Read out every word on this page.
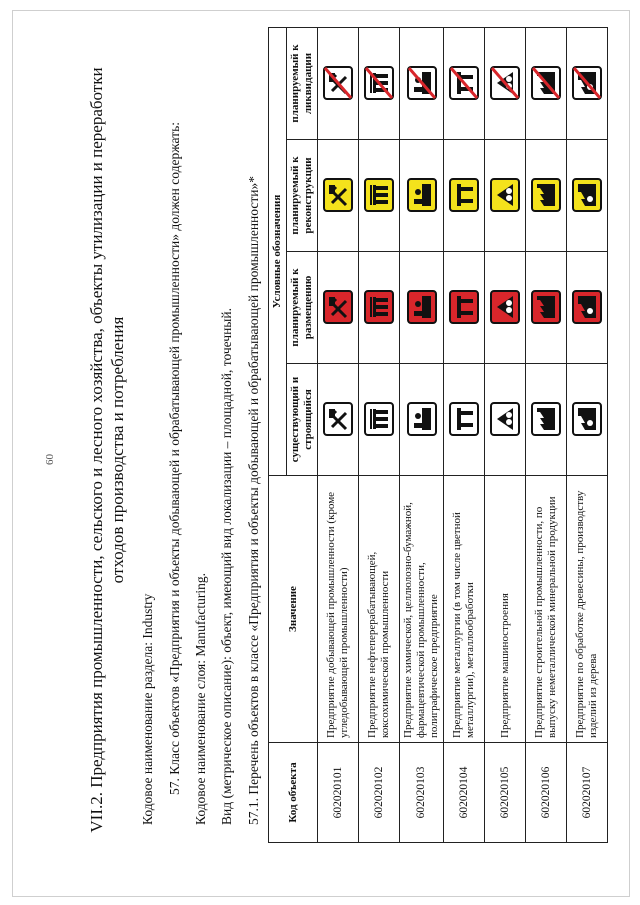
60 VII.2. Предприятия промышленности, сельского и лесного хозяйства, объекты утилизации и переработки отходов производства и потребления
Кодовое наименование раздела: Industry 57. Класс объектов «Предприятия и объекты добывающей и обрабатывающей промышленности» должен содержать: Кодовое наименование слоя: Manufacturing. Вид (метрическое описание): объект, имеющий вид локализации – площадной, точечный. 57.1. Перечень объектов в классе «Предприятия и объекты добывающей и обрабатывающей промышленности»* Код объекта	Значение	Условные обозначения			
		существующий и строящийся	планируемый к размещению	планируемый к реконструкции	планируемый к ликвидации
602020101	Предприятие добывающей промышленности (кроме угледобывающей промышленности)	

602020102	Предприятие нефтеперерабатывающей, коксохимической промышленности	

602020103	Предприятие химической, целлюлозно-бумажной, фармацевтической промышленности, полиграфическое предприятие	

602020104	Предприятие металлургии (в том числе цветной металлургии), металлообработки	

602020105	Предприятие машиностроения	

602020106	Предприятие строительной промышленности, по выпуску неметаллической минеральной продукции	

602020107	Предприятие по обработке древесины, производству изделий из дерева	
